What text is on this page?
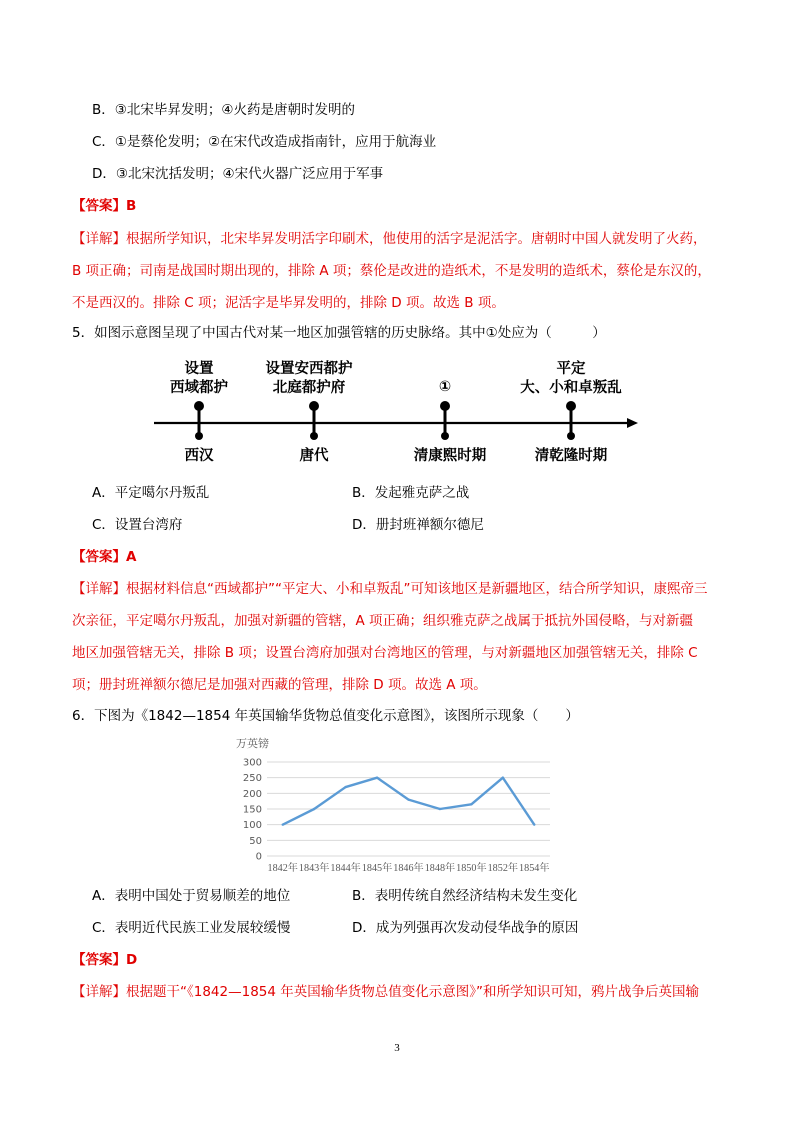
B．③北宋毕昇发明；④火药是唐朝时发明的
C．①是蔡伦发明；②在宋代改造成指南针，应用于航海业
D．③北宋沈括发明；④宋代火器广泛应用于军事
【答案】B
【详解】根据所学知识，北宋毕昇发明活字印刷术，他使用的活字是泥活字。唐朝时中国人就发明了火药，
B 项正确；司南是战国时期出现的，排除 A 项；蔡伦是改进的造纸术，不是发明的造纸术，蔡伦是东汉的，
不是西汉的。排除 C 项；泥活字是毕昇发明的，排除 D 项。故选 B 项。
5．如图示意图呈现了中国古代对某一地区加强管辖的历史脉络。其中①处应为（　　　）
设置
西域都护
设置安西都护
北庭都护府	①
平定
大、小和卓叛乱
西汉	唐代	清康熙时期	清乾隆时期
A．平定噶尔丹叛乱	B．发起雅克萨之战
C．设置台湾府	D．册封班禅额尔德尼
【答案】A
【详解】根据材料信息“西域都护”“平定大、小和卓叛乱”可知该地区是新疆地区，结合所学知识，康熙帝三
次亲征，平定噶尔丹叛乱，加强对新疆的管辖，A 项正确；组织雅克萨之战属于抵抗外国侵略，与对新疆
地区加强管辖无关，排除 B 项；设置台湾府加强对台湾地区的管理，与对新疆地区加强管辖无关，排除 C
项；册封班禅额尔德尼是加强对西藏的管理，排除 D 项。故选 A 项。
6．下图为《1842—1854 年英国输华货物总值变化示意图》，该图所示现象（　　）
万英镑
0
50
100
150
200
250
300
1842年 1843年 1844年 1845年 1846年 1848年 1850年 1852年 1854年
A．表明中国处于贸易顺差的地位	B．表明传统自然经济结构未发生变化
C．表明近代民族工业发展较缓慢	D．成为列强再次发动侵华战争的原因
【答案】D
【详解】根据题干“《1842—1854 年英国输华货物总值变化示意图》”和所学知识可知，鸦片战争后英国输
3
